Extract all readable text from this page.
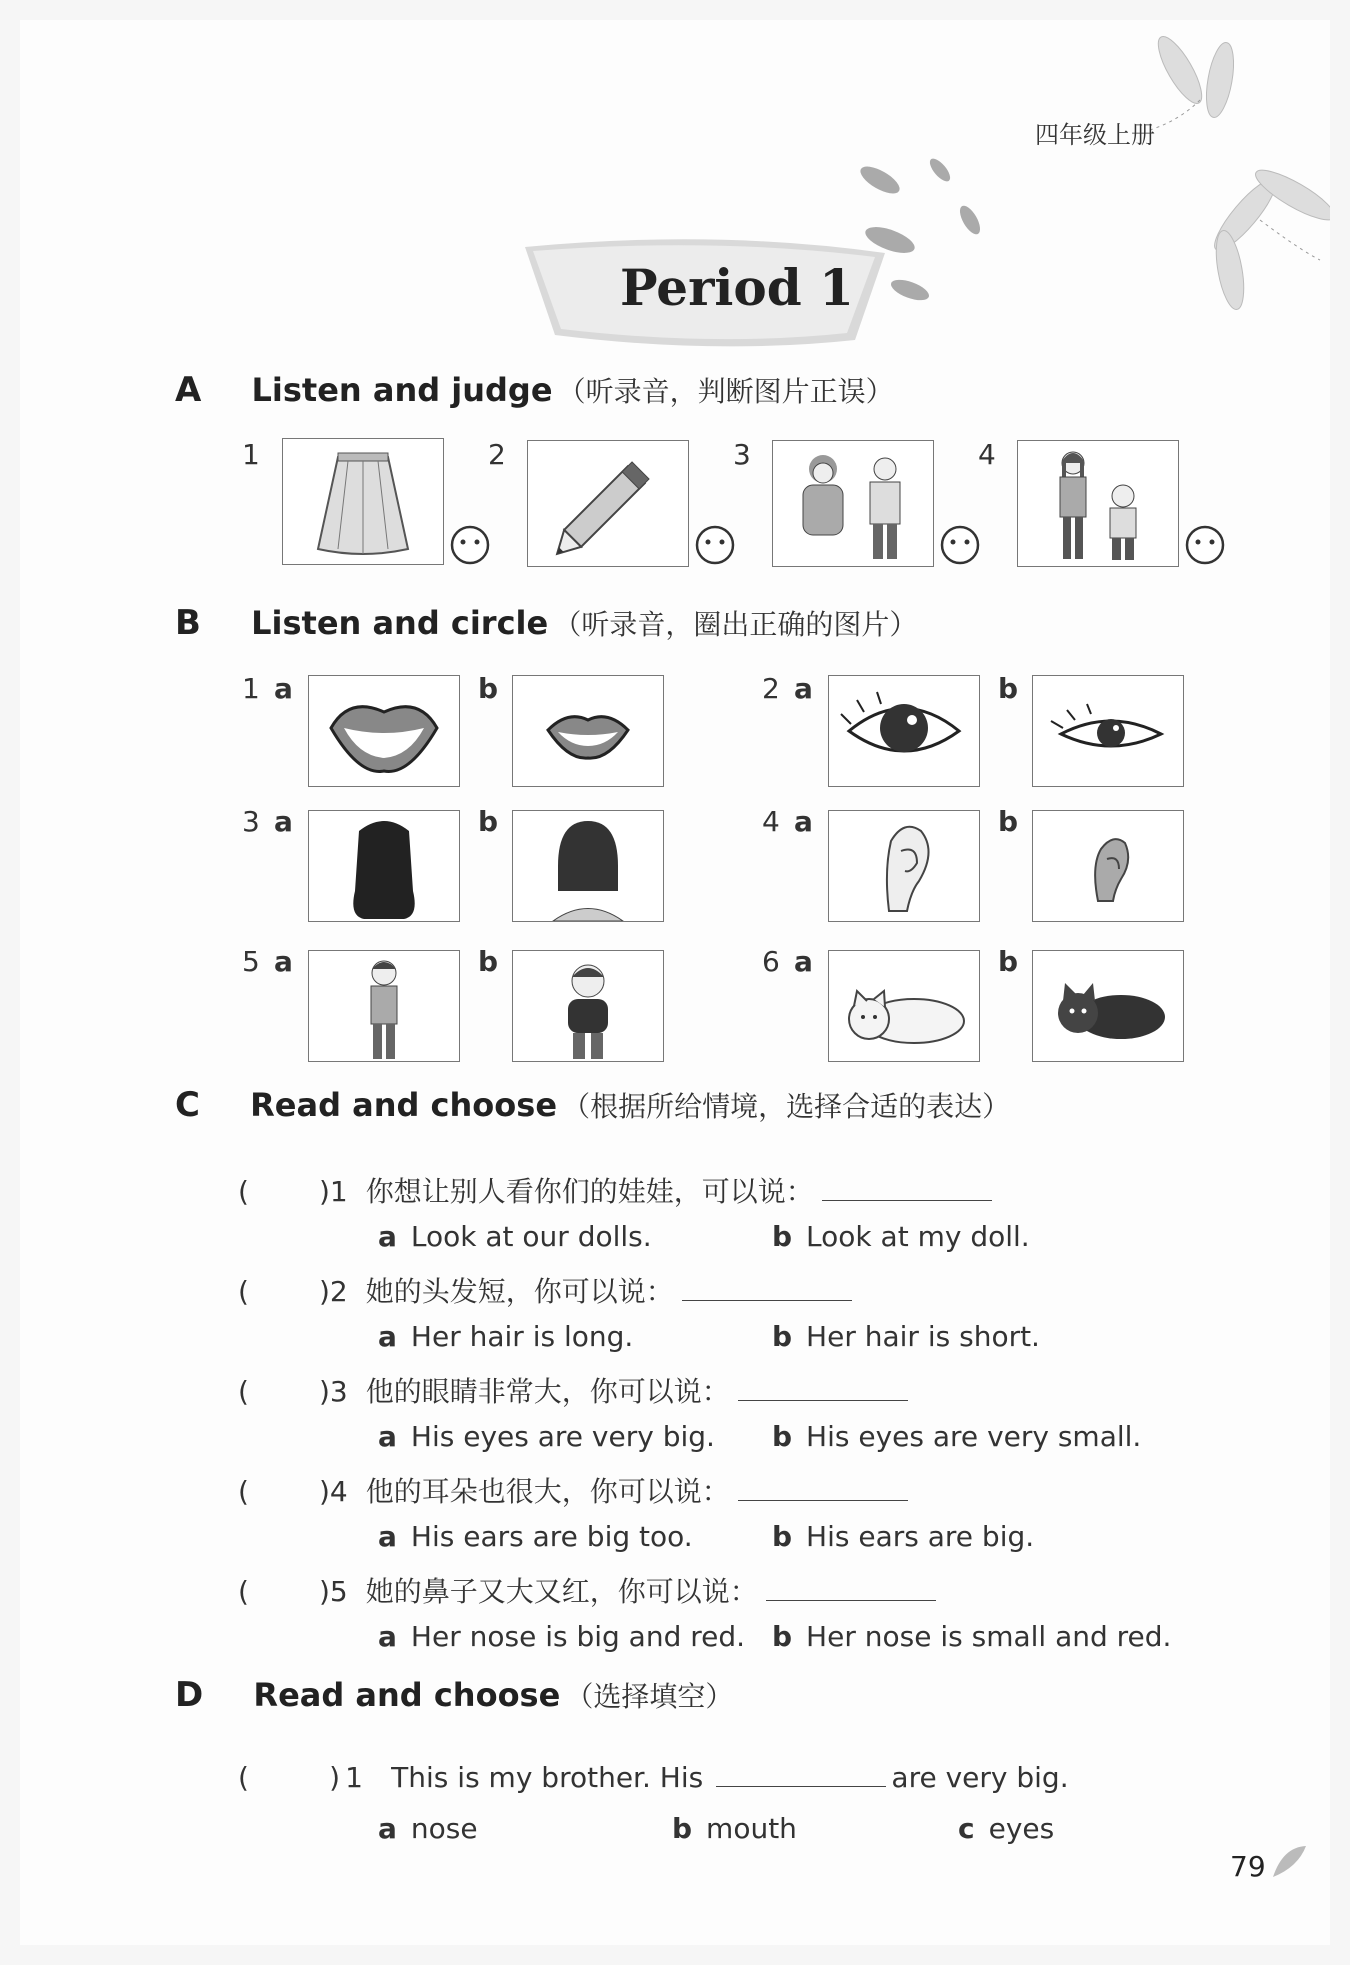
四年级上册
Period 1
A Listen and judge （听录音，判断图片正误）
1	2	3	4
B Listen and circle （听录音，圈出正确的图片）
1 a	b	2 a	b
3 a	b	4 a	b
5 a	b	6 a	b
C Read and choose （根据所给情境，选择合适的表达）
(	)1 你想让别人看你们的娃娃，可以说：
a Look at our dolls.	b Look at my doll.
(	)2 她的头发短，你可以说：
a Her hair is long.	b Her hair is short.
(	)3 他的眼睛非常大，你可以说：
a His eyes are very big. b His eyes are very small.
(	)4 他的耳朵也很大，你可以说：
a His ears are big too.	b His ears are big.
(	)5 她的鼻子又大又红，你可以说：
a Her nose is big and red. b Her nose is small and red.
D Read and choose （选择填空）
(	) 1 This is my brother. His	are very big.
a nose	b mouth	c eyes
79
